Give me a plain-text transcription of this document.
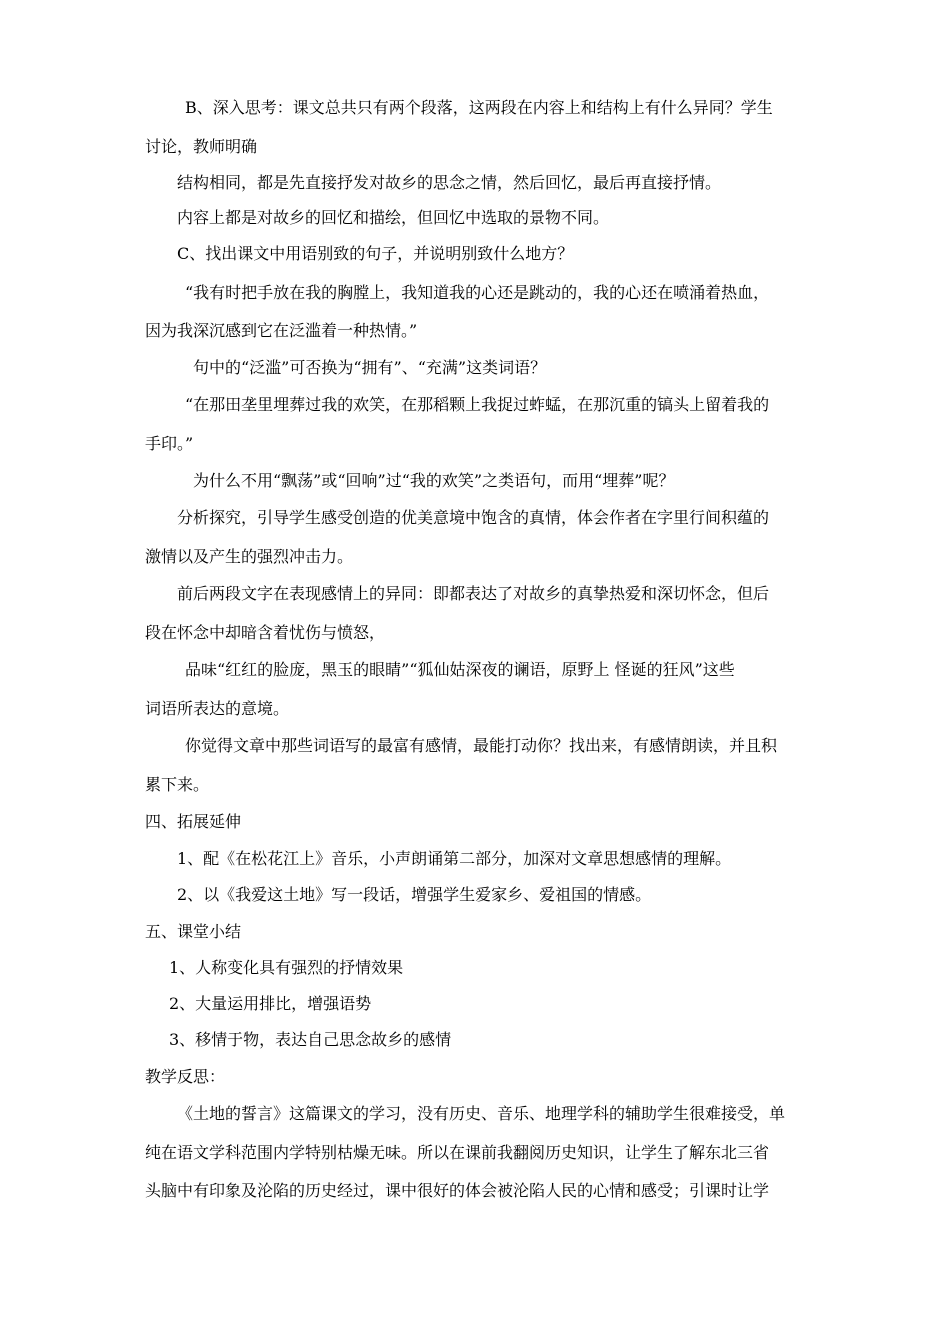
B、深入思考：课文总共只有两个段落，这两段在内容上和结构上有什么异同？学生
讨论，教师明确
结构相同，都是先直接抒发对故乡的思念之情，然后回忆，最后再直接抒情。
内容上都是对故乡的回忆和描绘，但回忆中选取的景物不同。
C、找出课文中用语别致的句子，并说明别致什么地方？
“我有时把手放在我的胸膛上，我知道我的心还是跳动的，我的心还在喷涌着热血，
因为我深沉感到它在泛滥着一种热情。”
句中的“泛滥”可否换为“拥有”、“充满”这类词语？
“在那田垄里埋葬过我的欢笑，在那稻颗上我捉过蚱蜢，在那沉重的镐头上留着我的
手印。”
为什么不用“飘荡”或“回响”过“我的欢笑”之类语句，而用“埋葬”呢？
分析探究，引导学生感受创造的优美意境中饱含的真情，体会作者在字里行间积蕴的
激情以及产生的强烈冲击力。
前后两段文字在表现感情上的异同：即都表达了对故乡的真挚热爱和深切怀念，但后
段在怀念中却暗含着忧伤与愤怒，
品味“红红的脸庞，黑玉的眼睛”“狐仙姑深夜的谰语，原野上 怪诞的狂风”这些
词语所表达的意境。
你觉得文章中那些词语写的最富有感情，最能打动你？找出来，有感情朗读，并且积
累下来。
四、拓展延伸
1、配《在松花江上》音乐，小声朗诵第二部分，加深对文章思想感情的理解。
2、以《我爱这土地》写一段话，增强学生爱家乡、爱祖国的情感。
五、课堂小结
1、人称变化具有强烈的抒情效果
2、大量运用排比，增强语势
3、移情于物，表达自己思念故乡的感情
教学反思：
《土地的誓言》这篇课文的学习，没有历史、音乐、地理学科的辅助学生很难接受，单
纯在语文学科范围内学特别枯燥无味。所以在课前我翻阅历史知识，让学生了解东北三省
头脑中有印象及沦陷的历史经过，课中很好的体会被沦陷人民的心情和感受；引课时让学
